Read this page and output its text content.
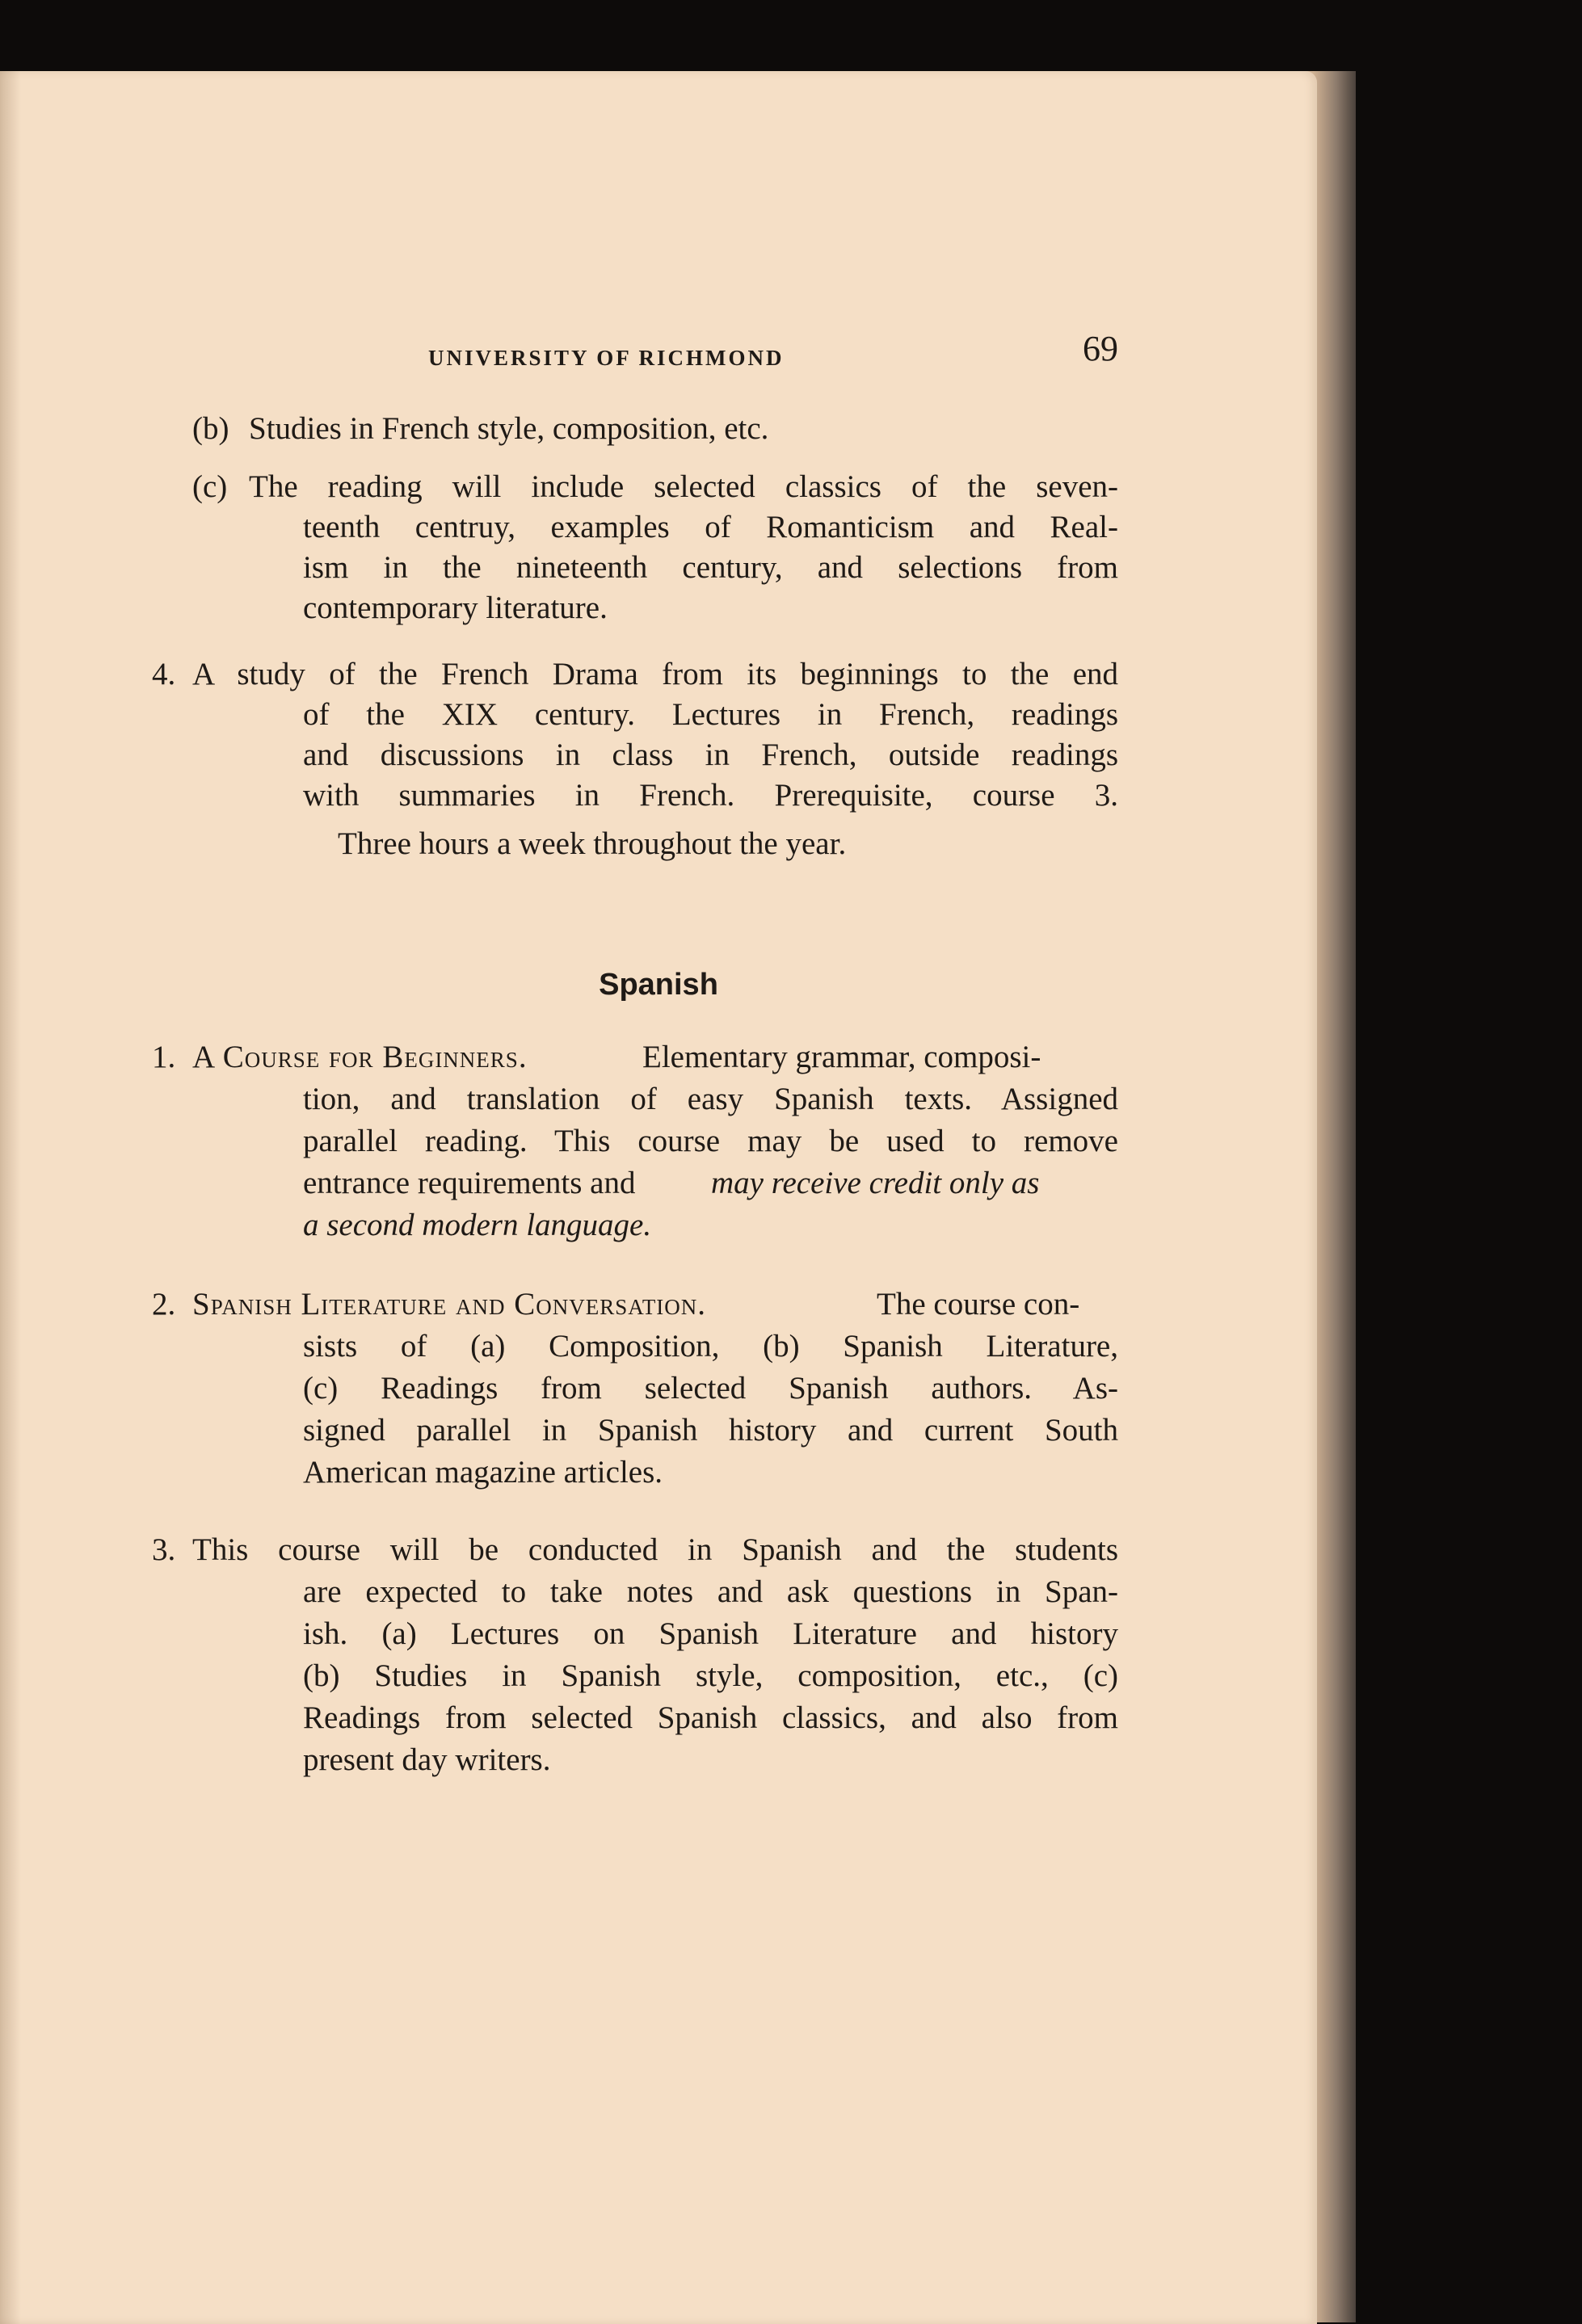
UNIVERSITY OF RICHMOND	69
(b) Studies in French style, composition, etc.
(c) The reading will include selected classics of the seven-
teenth centruy, examples of Romanticism and Real-
ism in the nineteenth century, and selections from
contemporary literature.
4. A study of the French Drama from its beginnings to the end
of the XIX century. Lectures in French, readings
and discussions in class in French, outside readings
with summaries in French. Prerequisite, course 3.
Three hours a week throughout the year.
Spanish
1. A Course for Beginners.	Elementary grammar, composi-
tion, and translation of easy Spanish texts. Assigned
parallel reading. This course may be used to remove
entrance requirements and may receive credit only as
a second modern language.
2. Spanish Literature and Conversation.	The course con-
sists of (a) Composition, (b) Spanish Literature,
(c) Readings from selected Spanish authors. As-
signed parallel in Spanish history and current South
American magazine articles.
3. This course will be conducted in Spanish and the students
are expected to take notes and ask questions in Span-
ish. (a) Lectures on Spanish Literature and history
(b) Studies in Spanish style, composition, etc., (c)
Readings from selected Spanish classics, and also from
present day writers.
